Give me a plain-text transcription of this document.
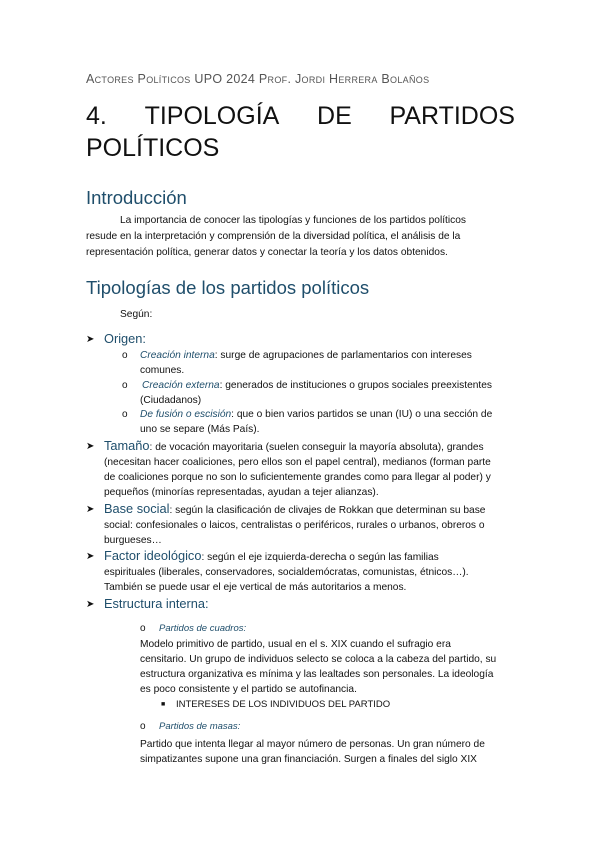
Actores Políticos UPO 2024 Prof. Jordi Herrera Bolaños
4. TIPOLOGÍA DE PARTIDOS
POLÍTICOS
Introducción
La importancia de conocer las tipologías y funciones de los partidos políticos
resude en la interpretación y comprensión de la diversidad política, el análisis de la
representación política, generar datos y conectar la teoría y los datos obtenidos.
Tipologías de los partidos políticos
Según:
➤ Origen:
o Creación interna: surge de agrupaciones de parlamentarios con intereses
comunes.
o Creación externa: generados de instituciones o grupos sociales preexistentes
(Ciudadanos)
o De fusión o escisión: que o bien varios partidos se unan (IU) o una sección de
uno se separe (Más País).
➤ Tamaño: de vocación mayoritaria (suelen conseguir la mayoría absoluta), grandes
(necesitan hacer coaliciones, pero ellos son el papel central), medianos (forman parte
de coaliciones porque no son lo suficientemente grandes como para llegar al poder) y
pequeños (minorías representadas, ayudan a tejer alianzas).
➤ Base social: según la clasificación de clivajes de Rokkan que determinan su base
social: confesionales o laicos, centralistas o periféricos, rurales o urbanos, obreros o
burgueses…
➤ Factor ideológico: según el eje izquierda-derecha o según las familias
espirituales (liberales, conservadores, socialdemócratas, comunistas, étnicos…).
También se puede usar el eje vertical de más autoritarios a menos.
➤ Estructura interna:
o Partidos de cuadros:
Modelo primitivo de partido, usual en el s. XIX cuando el sufragio era
censitario. Un grupo de individuos selecto se coloca a la cabeza del partido, su
estructura organizativa es mínima y las lealtades son personales. La ideología
es poco consistente y el partido se autofinancia.
■ INTERESES DE LOS INDIVIDUOS DEL PARTIDO
o Partidos de masas:
Partido que intenta llegar al mayor número de personas. Un gran número de
simpatizantes supone una gran financiación. Surgen a finales del siglo XIX
